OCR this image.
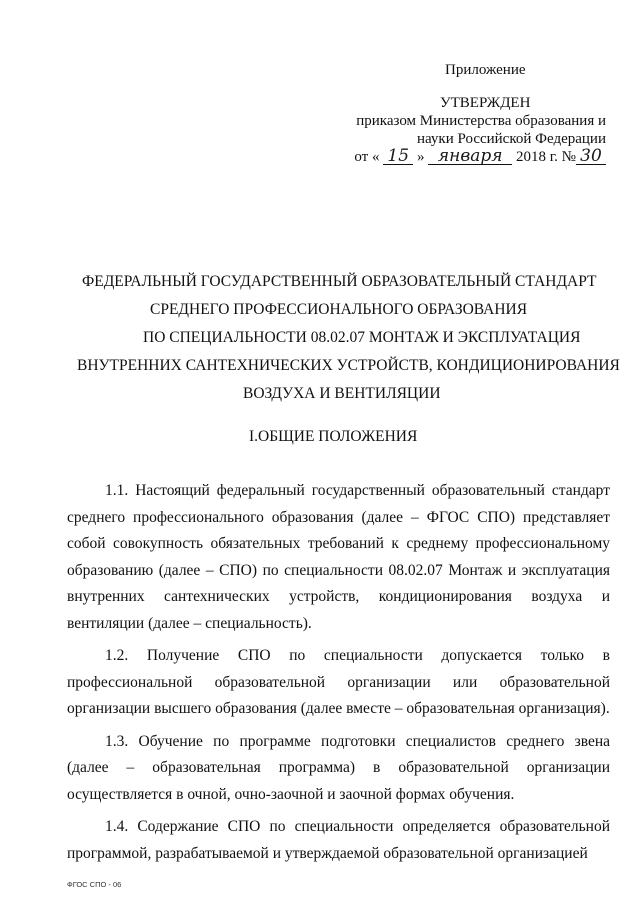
Приложение
УТВЕРЖДЕН
приказом Министерства образования и
науки Российской Федерации
от « 15 » января 2018 г. № 30
ФЕДЕРАЛЬНЫЙ ГОСУДАРСТВЕННЫЙ ОБРАЗОВАТЕЛЬНЫЙ СТАНДАРТ
СРЕДНЕГО ПРОФЕССИОНАЛЬНОГО ОБРАЗОВАНИЯ
ПО СПЕЦИАЛЬНОСТИ 08.02.07 МОНТАЖ И ЭКСПЛУАТАЦИЯ
ВНУТРЕННИХ САНТЕХНИЧЕСКИХ УСТРОЙСТВ, КОНДИЦИОНИРОВАНИЯ
ВОЗДУХА И ВЕНТИЛЯЦИИ
I.ОБЩИЕ ПОЛОЖЕНИЯ

1.1. Настоящий федеральный государственный образовательный стандарт среднего профессионального образования (далее – ФГОС СПО) представляет собой совокупность обязательных требований к среднему профессиональному образованию (далее – СПО) по специальности 08.02.07 Монтаж и эксплуатация внутренних сантехнических устройств, кондиционирования воздуха и вентиляции (далее – специальность).

1.2. Получение СПО по специальности допускается только в профессиональной образовательной организации или образовательной организации высшего образования (далее вместе – образовательная организация).

1.3. Обучение по программе подготовки специалистов среднего звена (далее – образовательная программа) в образовательной организации осуществляется в очной, очно-заочной и заочной формах обучения.

1.4. Содержание СПО по специальности определяется образовательной программой, разрабатываемой и утверждаемой образовательной организацией

ФГОС СПО - 06
